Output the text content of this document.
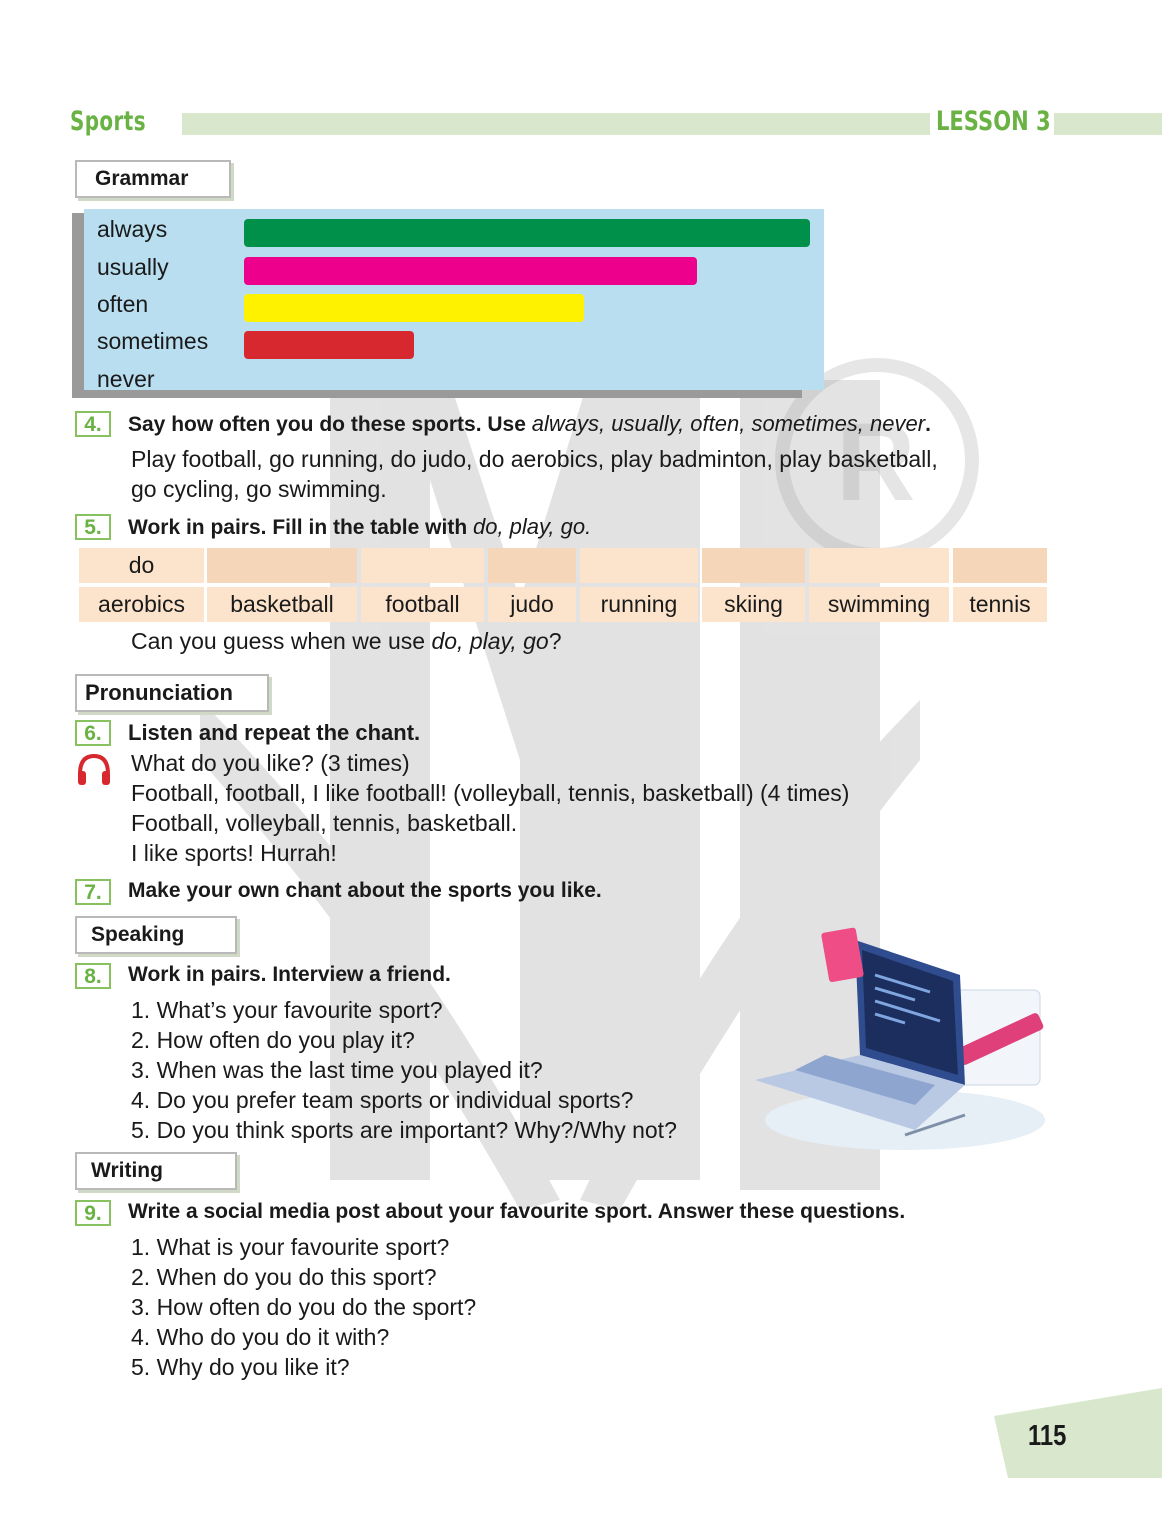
R
Sports	LESSON 3
Grammar
always
usually
often
sometimes
never
4.	Say how often you do these sports. Use always, usually, often, sometimes, never.
Play football, go running, do judo, do aerobics, play badminton, play basketball,
go cycling, go swimming.
5.	Work in pairs. Fill in the table with do, play, go.
do
aerobics	basketball	football	judo	running	skiing	swimming	tennis
Can you guess when we use do, play, go?
Pronunciation
6.	Listen and repeat the chant.
What do you like? (3 times)
Football, football, I like football! (volleyball, tennis, basketball) (4 times)
Football, volleyball, tennis, basketball.
I like sports! Hurrah!
7.	Make your own chant about the sports you like.
Speaking
8.	Work in pairs. Interview a friend.
1. What’s your favourite sport?
2. How often do you play it?
3. When was the last time you played it?
4. Do you prefer team sports or individual sports?
5. Do you think sports are important? Why?/Why not?
Writing
9.	Write a social media post about your favourite sport. Answer these questions.
1. What is your favourite sport?
2. When do you do this sport?
3. How often do you do the sport?
4. Who do you do it with?
5. Why do you like it?
115
